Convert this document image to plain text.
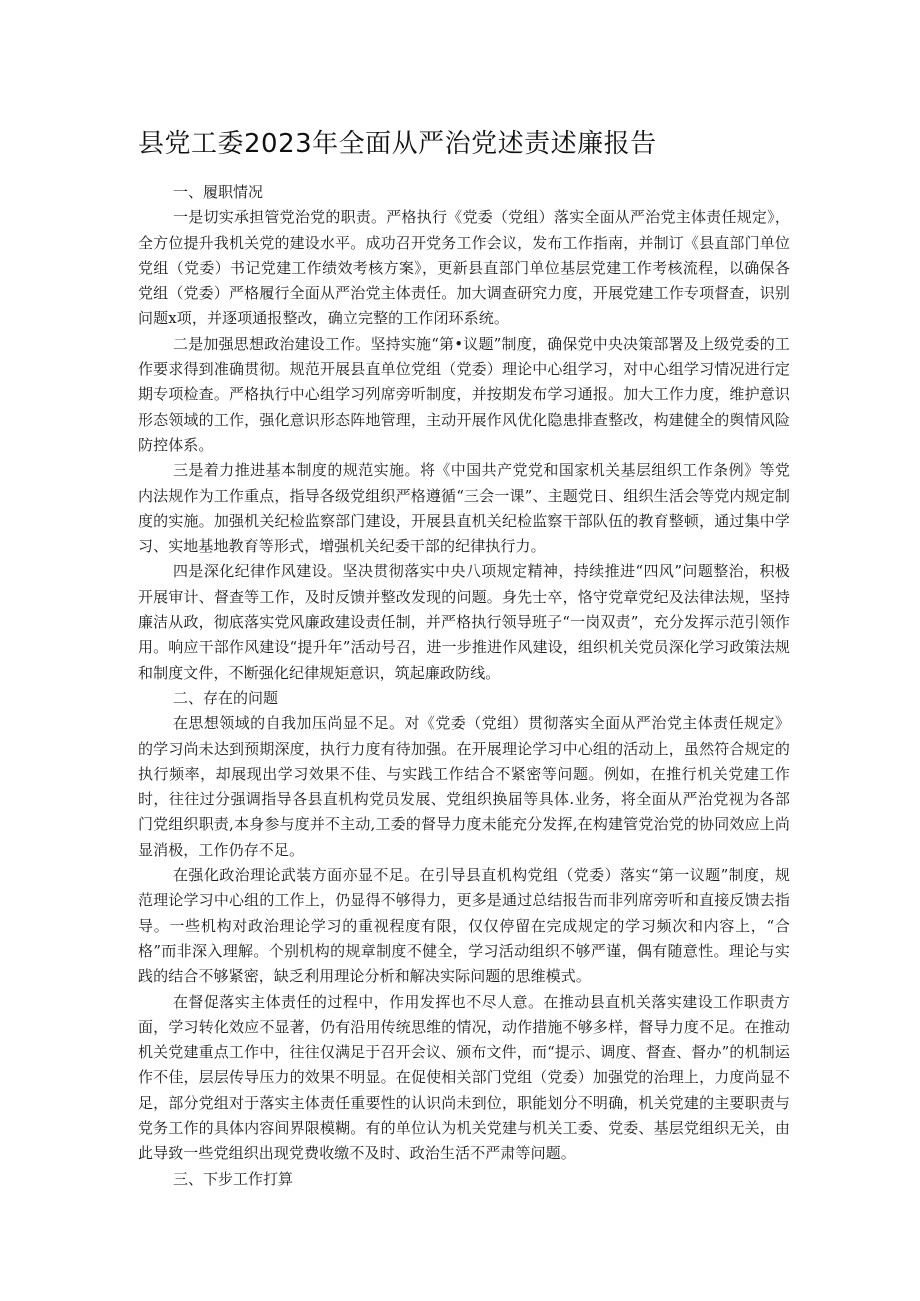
县党工委2023年全面从严治党述责述廉报告

一、履职情况

一是切实承担管党治党的职责。严格执行《党委（党组）落实全面从严治党主体责任规定》，全方位提升我机关党的建设水平。成功召开党务工作会议，发布工作指南，并制订《县直部门单位党组（党委）书记党建工作绩效考核方案》，更新县直部门单位基层党建工作考核流程，以确保各党组（党委）严格履行全面从严治党主体责任。加大调查研究力度，开展党建工作专项督查，识别问题x项，并逐项通报整改，确立完整的工作闭环系统。

二是加强思想政治建设工作。坚持实施“第•议题”制度，确保党中央决策部署及上级党委的工作要求得到准确贯彻。规范开展县直单位党组（党委）理论中心组学习，对中心组学习情况进行定期专项检查。严格执行中心组学习列席旁听制度，并按期发布学习通报。加大工作力度，维护意识形态领域的工作，强化意识形态阵地管理，主动开展作风优化隐患排查整改，构建健全的舆情风险防控体系。

三是着力推进基本制度的规范实施。将《中国共产党党和国家机关基层组织工作条例》等党内法规作为工作重点，指导各级党组织严格遵循“三会一课”、主题党日、组织生活会等党内规定制度的实施。加强机关纪检监察部门建设，开展县直机关纪检监察干部队伍的教育整顿，通过集中学习、实地基地教育等形式，增强机关纪委干部的纪律执行力。

四是深化纪律作风建设。坚决贯彻落实中央八项规定精神，持续推进“四风”问题整治，积极开展审计、督查等工作，及时反馈并整改发现的问题。身先士卒，恪守党章党纪及法律法规，坚持廉洁从政，彻底落实党风廉政建设责任制，并严格执行领导班子“一岗双责”，充分发挥示范引领作用。响应干部作风建设“提升年”活动号召，进一步推进作风建设，组织机关党员深化学习政策法规和制度文件，不断强化纪律规矩意识，筑起廉政防线。

二、存在的问题

在思想领域的自我加压尚显不足。对《党委（党组）贯彻落实全面从严治党主体责任规定》的学习尚未达到预期深度，执行力度有待加强。在开展理论学习中心组的活动上，虽然符合规定的执行频率，却展现出学习效果不佳、与实践工作结合不紧密等问题。例如，在推行机关党建工作时，往往过分强调指导各县直机构党员发展、党组织换届等具体.业务，将全面从严治党视为各部门党组织职责,本身参与度并不主动,工委的督导力度未能充分发挥,在构建管党治党的协同效应上尚显消极，工作仍存不足。

在强化政治理论武装方面亦显不足。在引导县直机构党组（党委）落实“第一议题”制度，规范理论学习中心组的工作上，仍显得不够得力，更多是通过总结报告而非列席旁听和直接反馈去指导。一些机构对政治理论学习的重视程度有限，仅仅停留在完成规定的学习频次和内容上，“合格”而非深入理解。个别机构的规章制度不健全，学习活动组织不够严谨，偶有随意性。理论与实践的结合不够紧密，缺乏利用理论分析和解决实际问题的思维模式。

在督促落实主体责任的过程中，作用发挥也不尽人意。在推动县直机关落实建设工作职责方面，学习转化效应不显著，仍有沿用传统思维的情况，动作措施不够多样，督导力度不足。在推动机关党建重点工作中，往往仅满足于召开会议、颁布文件，而“提示、调度、督查、督办”的机制运作不佳，层层传导压力的效果不明显。在促使相关部门党组（党委）加强党的治理上，力度尚显不足，部分党组对于落实主体责任重要性的认识尚未到位，职能划分不明确，机关党建的主要职责与党务工作的具体内容间界限模糊。有的单位认为机关党建与机关工委、党委、基层党组织无关，由此导致一些党组织出现党费收缴不及时、政治生活不严肃等问题。

三、下步工作打算
